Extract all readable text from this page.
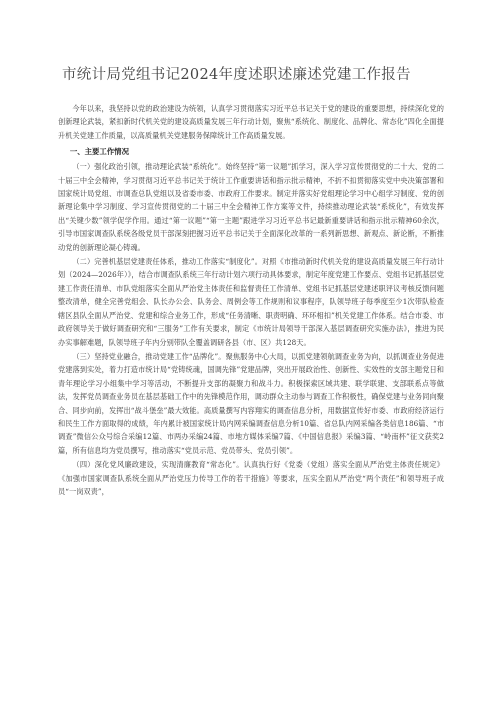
市统计局党组书记2024年度述职述廉述党建工作报告

今年以来，我坚持以党的政治建设为统领，认真学习贯彻落实习近平总书记关于党的建设的重要思想，持续深化党的创新理论武装，紧扣新时代机关党的建设高质量发展三年行动计划，聚焦“系统化、制度化、品牌化、常态化”四化全面提升机关党建工作质量，以高质量机关党建服务保障统计工作高质量发展。

一、主要工作情况

（一）强化政治引领，推动理论武装“系统化”。始终坚持“第一议题”抓学习，深入学习宣传贯彻党的二十大、党的二十届三中全会精神，学习贯彻习近平总书记关于统计工作重要讲话和指示批示精神，不折不扣贯彻落实党中央决策部署和国家统计局党组、市调查总队党组以及省委市委、市政府工作要求。制定并落实好党组理论学习中心组学习制度、党的创新理论集中学习制度、学习宣传贯彻党的二十届三中全会精神工作方案等文件，持续推动理论武装“系统化”，有效发挥出“关键少数”领学促学作用。通过“第一议题”“第一主题”跟进学习习近平总书记最新重要讲话和指示批示精神60余次，引导市国家调查队系统各级党员干部深刻把握习近平总书记关于全面深化改革的一系列新思想、新观点、新论断，不断推动党的创新理论凝心铸魂。

（二）完善机基层党建责任体系，推动工作落实“制度化”。对照《市推动新时代机关党的建设高质量发展三年行动计划（2024—2026年）》，结合市调查队系统三年行动计划六项行动具体要求，制定年度党建工作要点、党组书记抓基层党建工作责任清单、市队党组落实全面从严治党主体责任和监督责任工作清单、党组书记抓基层党建述职评议考核反馈问题整改清单，健全完善党组会、队长办公会、队务会、周例会等工作规则和议事程序，队领导班子每季度至少1次带队检查辖区县队全面从严治党、党建和综合业务工作，形成“任务清晰、职责明确、环环相扣”机关党建工作体系。结合市委、市政府领导关于做好调查研究和“三服务”工作有关要求，制定《市统计局领导干部深入基层调查研究实施办法》，推进为民办实事解难题，队领导班子年内分别带队全覆盖调研各县（市、区）共128天。

（三）坚持党业融合，推动党建工作“品牌化”。聚焦服务中心大局，以抓党建领航调查业务为向，以抓调查业务促进党建落到实处，着力打造市统计局“党铸统魂，国调先锋”党建品牌，突出开展政治性、创新性、实效性的支部主题党日和青年理论学习小组集中学习等活动，不断提升支部的凝聚力和战斗力。积极探索区域共建、联学联建、支部联系点等做法，发挥党员调查业务员在基层基础工作中的先锋模范作用，调动群众主动参与调查工作积极性，确保党建与业务同向聚合、同步向前，发挥出“战斗堡垒”最大效能。高质量撰写内容翔实的调查信息分析，用数据宣传好市委、市政府经济运行和民生工作方面取得的成绩，年内累计被国家统计局内网采编调查信息分析10篇、省总队内网采编各类信息186篇、“市调查”微信公众号综合采编12篇、市两办采编24篇、市地方媒体采编7篇、《中国信息报》采编3篇、“岭南杯”征文获奖2篇，所有信息均为党员撰写，推动落实“党员示范、党员带头、党员引领”。

（四）深化党风廉政建设，实现清廉教育“常态化”。认真执行好《党委（党组）落实全面从严治党主体责任规定》《加强市国家调查队系统全面从严治党压力传导工作的若干措施》等要求，压实全面从严治党“两个责任”和领导班子成员“一岗双责”，
